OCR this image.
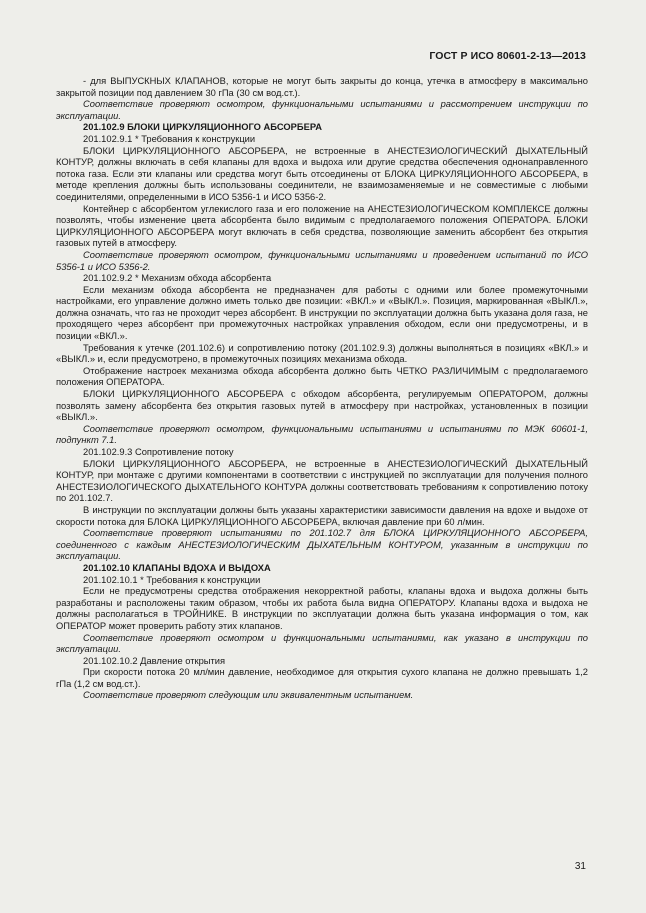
ГОСТ Р ИСО 80601-2-13—2013

- для ВЫПУСКНЫХ КЛАПАНОВ, которые не могут быть закрыты до конца, утечка в атмосферу в максимально закрытой позиции под давлением 30 гПа (30 см вод.ст.).

Соответствие проверяют осмотром, функциональными испытаниями и рассмотрением инструкции по эксплуатации.

201.102.9 БЛОКИ ЦИРКУЛЯЦИОННОГО АБСОРБЕРА

201.102.9.1 * Требования к конструкции

БЛОКИ ЦИРКУЛЯЦИОННОГО АБСОРБЕРА, не встроенные в АНЕСТЕЗИОЛОГИЧЕСКИЙ ДЫХАТЕЛЬНЫЙ КОНТУР, должны включать в себя клапаны для вдоха и выдоха или другие средства обеспечения однонаправленного потока газа. Если эти клапаны или средства могут быть отсоединены от БЛОКА ЦИРКУЛЯЦИОННОГО АБСОРБЕРА, в методе крепления должны быть использованы соединители, не взаимозаменяемые и не совместимые с любыми соединителями, определенными в ИСО 5356-1 и ИСО 5356-2.

Контейнер с абсорбентом углекислого газа и его положение на АНЕСТЕЗИОЛОГИЧЕСКОМ КОМПЛЕКСЕ должны позволять, чтобы изменение цвета абсорбента было видимым с предполагаемого положения ОПЕРАТОРА. БЛОКИ ЦИРКУЛЯЦИОННОГО АБСОРБЕРА могут включать в себя средства, позволяющие заменить абсорбент без открытия газовых путей в атмосферу.

Соответствие проверяют осмотром, функциональными испытаниями и проведением испытаний по ИСО 5356-1 и ИСО 5356-2.

201.102.9.2 * Механизм обхода абсорбента

Если механизм обхода абсорбента не предназначен для работы с одними или более промежуточными настройками, его управление должно иметь только две позиции: «ВКЛ.» и «ВЫКЛ.». Позиция, маркированная «ВЫКЛ.», должна означать, что газ не проходит через абсорбент. В инструкции по эксплуатации должна быть указана доля газа, не проходящего через абсорбент при промежуточных настройках управления обходом, если они предусмотрены, и в позиции «ВКЛ.».

Требования к утечке (201.102.6) и сопротивлению потоку (201.102.9.3) должны выполняться в позициях «ВКЛ.» и «ВЫКЛ.» и, если предусмотрено, в промежуточных позициях механизма обхода.

Отображение настроек механизма обхода абсорбента должно быть ЧЕТКО РАЗЛИЧИМЫМ с предполагаемого положения ОПЕРАТОРА.

БЛОКИ ЦИРКУЛЯЦИОННОГО АБСОРБЕРА с обходом абсорбента, регулируемым ОПЕРАТОРОМ, должны позволять замену абсорбента без открытия газовых путей в атмосферу при настройках, установленных в позиции «ВЫКЛ.».

Соответствие проверяют осмотром, функциональными испытаниями и испытаниями по МЭК 60601-1, подпункт 7.1.

201.102.9.3 Сопротивление потоку

БЛОКИ ЦИРКУЛЯЦИОННОГО АБСОРБЕРА, не встроенные в АНЕСТЕЗИОЛОГИЧЕСКИЙ ДЫХАТЕЛЬНЫЙ КОНТУР, при монтаже с другими компонентами в соответствии с инструкцией по эксплуатации для получения полного АНЕСТЕЗИОЛОГИЧЕСКОГО ДЫХАТЕЛЬНОГО КОНТУРА должны соответствовать требованиям к сопротивлению потоку по 201.102.7.

В инструкции по эксплуатации должны быть указаны характеристики зависимости давления на вдохе и выдохе от скорости потока для БЛОКА ЦИРКУЛЯЦИОННОГО АБСОРБЕРА, включая давление при 60 л/мин.

Соответствие проверяют испытаниями по 201.102.7 для БЛОКА ЦИРКУЛЯЦИОННОГО АБСОРБЕРА, соединенного с каждым АНЕСТЕЗИОЛОГИЧЕСКИМ ДЫХАТЕЛЬНЫМ КОНТУРОМ, указанным в инструкции по эксплуатации.

201.102.10 КЛАПАНЫ ВДОХА И ВЫДОХА

201.102.10.1 * Требования к конструкции

Если не предусмотрены средства отображения некорректной работы, клапаны вдоха и выдоха должны быть разработаны и расположены таким образом, чтобы их работа была видна ОПЕРАТОРУ. Клапаны вдоха и выдоха не должны располагаться в ТРОЙНИКЕ. В инструкции по эксплуатации должна быть указана информация о том, как ОПЕРАТОР может проверить работу этих клапанов.

Соответствие проверяют осмотром и функциональными испытаниями, как указано в инструкции по эксплуатации.

201.102.10.2 Давление открытия

При скорости потока 20 мл/мин давление, необходимое для открытия сухого клапана не должно превышать 1,2 гПа (1,2 см вод.ст.).

Соответствие проверяют следующим или эквивалентным испытанием.

31
